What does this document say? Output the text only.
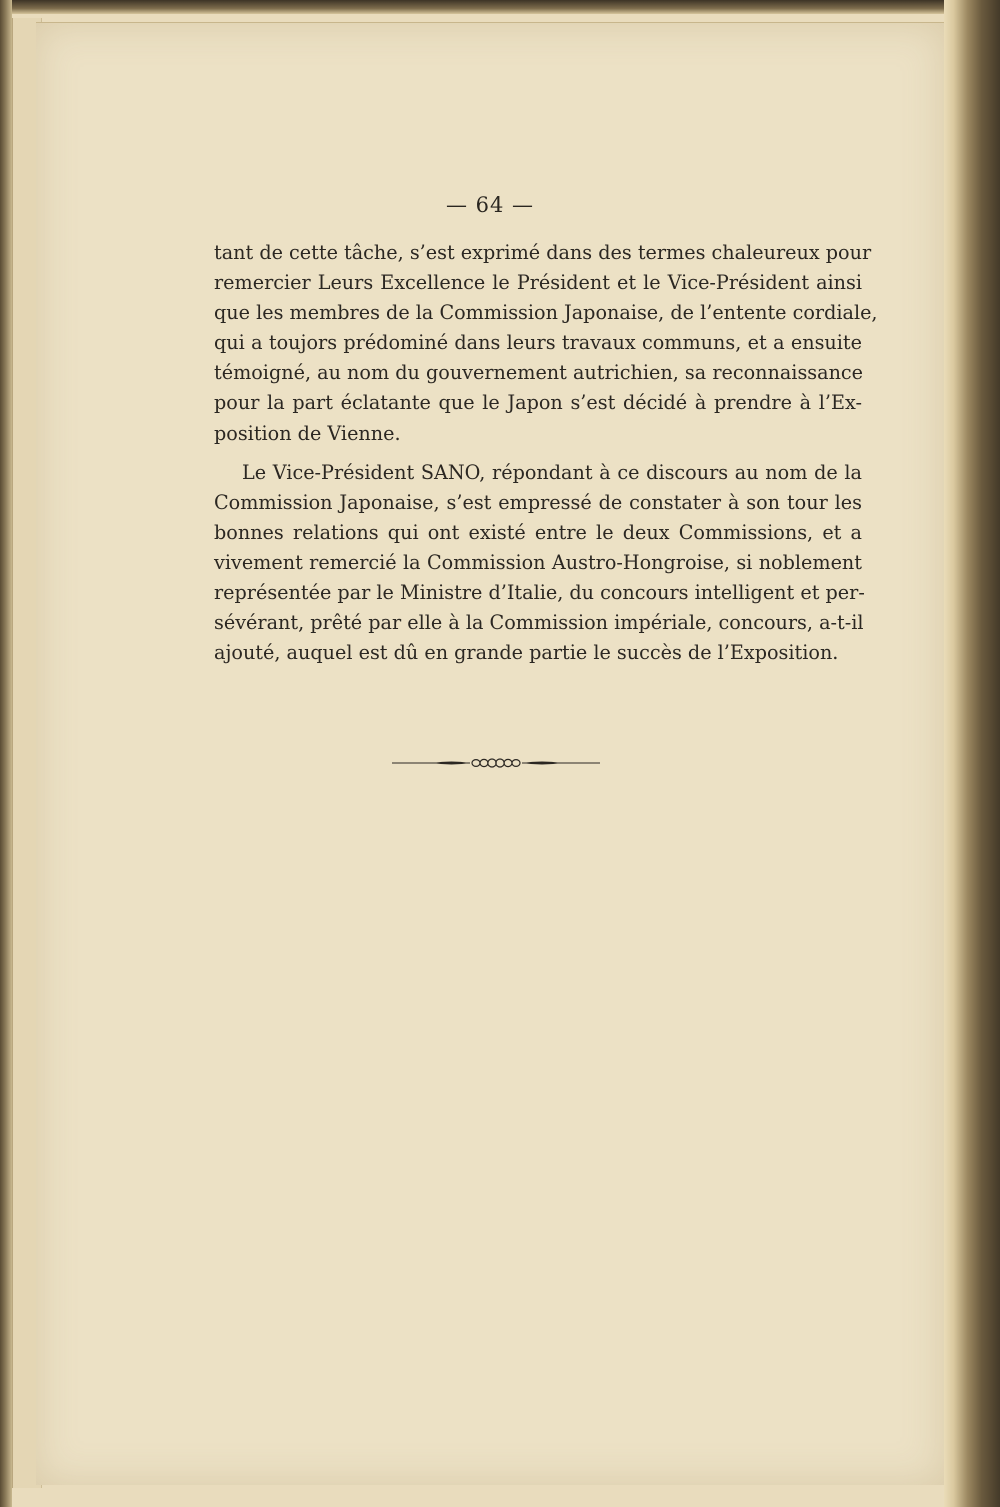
— 64 —
tant de cette tâche, s’est exprimé dans des termes chaleureux pour
remercier Leurs Excellence le Président et le Vice-Président ainsi
que les membres de la Commission Japonaise, de l’entente cordiale,
qui a toujors prédominé dans leurs travaux communs, et a ensuite
témoigné, au nom du gouvernement autrichien, sa reconnaissance
pour la part éclatante que le Japon s’est décidé à prendre à l’Ex-
position de Vienne.
Le Vice-Président SANO, répondant à ce discours au nom de la
Commission Japonaise, s’est empressé de constater à son tour les
bonnes relations qui ont existé entre le deux Commissions, et a
vivement remercié la Commission Austro-Hongroise, si noblement
représentée par le Ministre d’Italie, du concours intelligent et per-
sévérant, prêté par elle à la Commission impériale, concours, a-t-il
ajouté, auquel est dû en grande partie le succès de l’Exposition.
